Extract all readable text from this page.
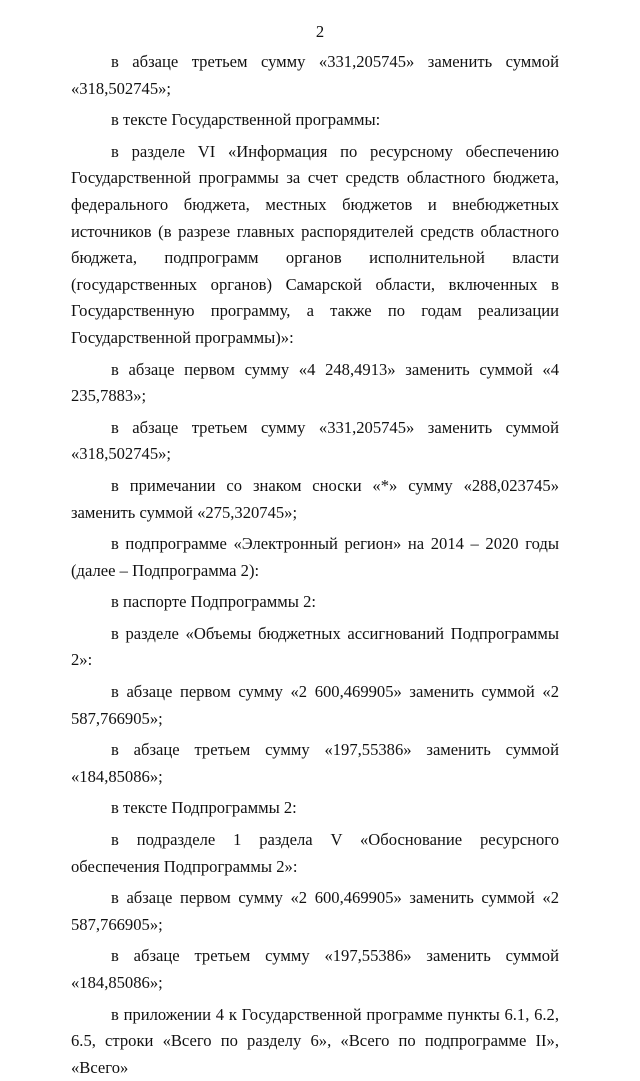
2

в абзаце третьем сумму «331,205745» заменить суммой «318,502745»;

в тексте Государственной программы:

в разделе VI «Информация по ресурсному обеспечению Государственной программы за счет средств областного бюджета, федерального бюджета, местных бюджетов и внебюджетных источников (в разрезе главных распорядителей средств областного бюджета, подпрограмм органов исполнительной власти (государственных органов) Самарской области, включенных в Государственную программу, а также по годам реализации Государственной программы)»:

в абзаце первом сумму «4 248,4913» заменить суммой «4 235,7883»;

в абзаце третьем сумму «331,205745» заменить суммой «318,502745»;

в примечании со знаком сноски «*» сумму «288,023745» заменить суммой «275,320745»;

в подпрограмме «Электронный регион» на 2014 – 2020 годы (далее – Подпрограмма 2):

в паспорте Подпрограммы 2:

в разделе «Объемы бюджетных ассигнований Подпрограммы 2»:

в абзаце первом сумму «2 600,469905» заменить суммой «2 587,766905»;

в абзаце третьем сумму «197,55386» заменить суммой «184,85086»;

в тексте Подпрограммы 2:

в подразделе 1 раздела V «Обоснование ресурсного обеспечения Подпрограммы 2»:

в абзаце первом сумму «2 600,469905» заменить суммой «2 587,766905»;

в абзаце третьем сумму «197,55386» заменить суммой «184,85086»;

в приложении 4 к Государственной программе пункты 6.1, 6.2, 6.5, строки «Всего по разделу 6», «Всего по подпрограмме II», «Всего»
